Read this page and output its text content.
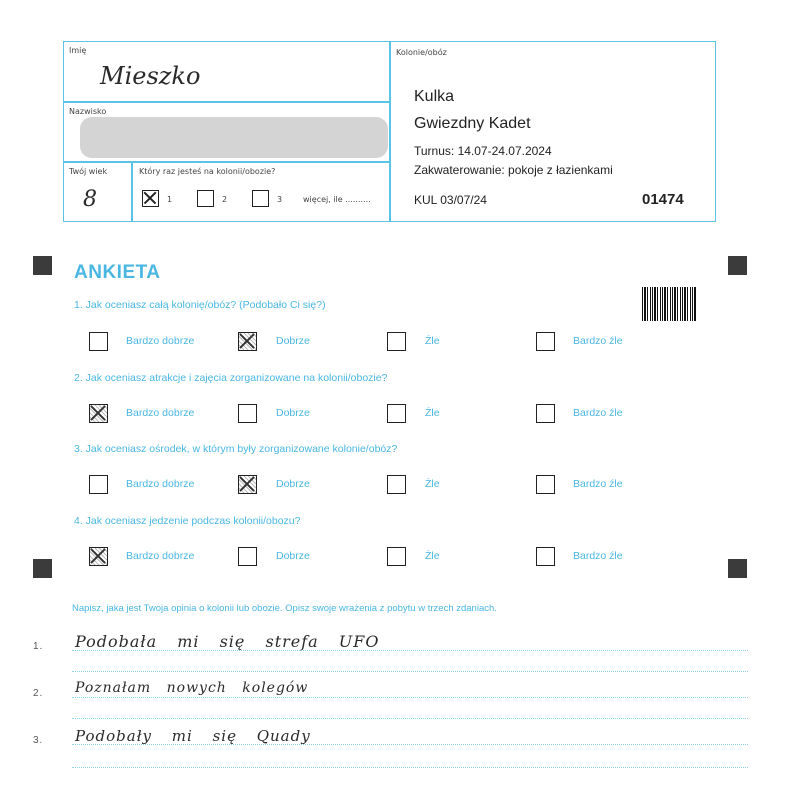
Imię
Mieszko
Nazwisko
Twój wiek
8
Który raz jesteś na kolonii/obozie?
1	2	3	więcej, ile ..........
Kolonie/obóz
Kulka
Gwiezdny Kadet
Turnus: 14.07-24.07.2024
Zakwaterowanie: pokoje z łazienkami
KUL 03/07/24	01474
ANKIETA
1. Jak oceniasz całą kolonię/obóz? (Podobało Ci się?)
Bardzo dobrze	Dobrze	Źle	Bardzo źle
2. Jak oceniasz atrakcje i zajęcia zorganizowane na kolonii/obozie?
Bardzo dobrze	Dobrze	Źle	Bardzo źle
3. Jak oceniasz ośrodek, w którym były zorganizowane kolonie/obóz?
Bardzo dobrze	Dobrze	Źle	Bardzo źle
4. Jak oceniasz jedzenie podczas kolonii/obozu?
Bardzo dobrze	Dobrze	Źle	Bardzo źle
Napisz, jaka jest Twoja opinia o kolonii lub obozie. Opisz swoje wrażenia z pobytu w trzech zdaniach.
1. Podobała mi się strefa UFO
2. Poznałam nowych kolegów
3. Podobały mi się Quady
